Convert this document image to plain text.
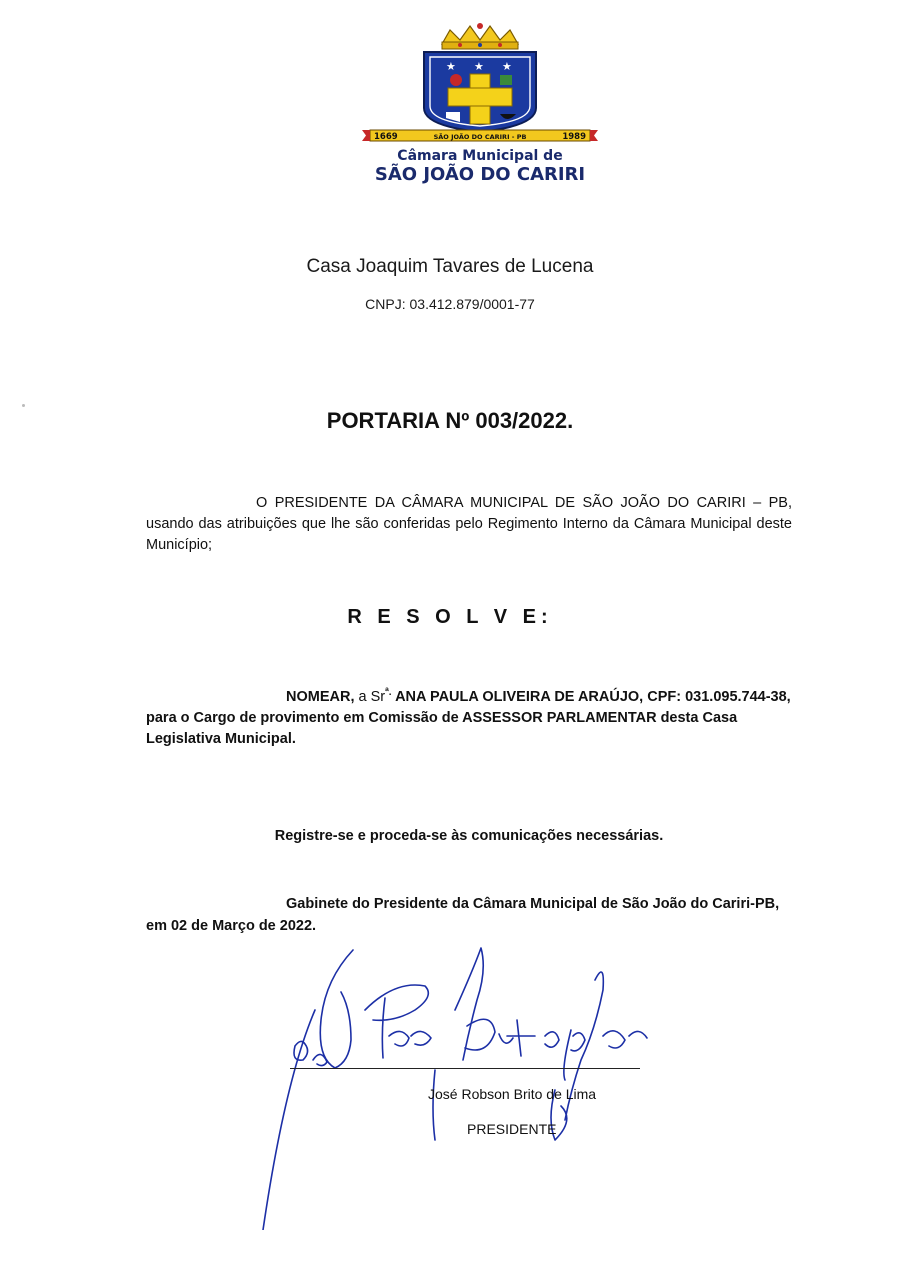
★ ★ ★
1669	SÃO JOÃO DO CARIRI - PB	1989
Câmara Municipal de
SÃO JOÃO DO CARIRI
Casa Joaquim Tavares de Lucena
CNPJ: 03.412.879/0001-77
PORTARIA Nº 003/2022.
O PRESIDENTE DA CÂMARA MUNICIPAL DE SÃO JOÃO DO CARIRI – PB, usando das atribuições que lhe são conferidas pelo Regimento Interno da Câmara Municipal deste Município;
R E S O L V E:
NOMEAR, a $Sr^{ª.}$ ANA PAULA OLIVEIRA DE ARAÚJO, CPF: 031.095.744-38, para o Cargo de provimento em Comissão de ASSESSOR PARLAMENTAR desta Casa Legislativa Municipal.
Registre-se e proceda-se às comunicações necessárias.
Gabinete do Presidente da Câmara Municipal de São João do Cariri-PB, em 02 de Março de 2022.
José Robson Brito de Lima
PRESIDENTE
